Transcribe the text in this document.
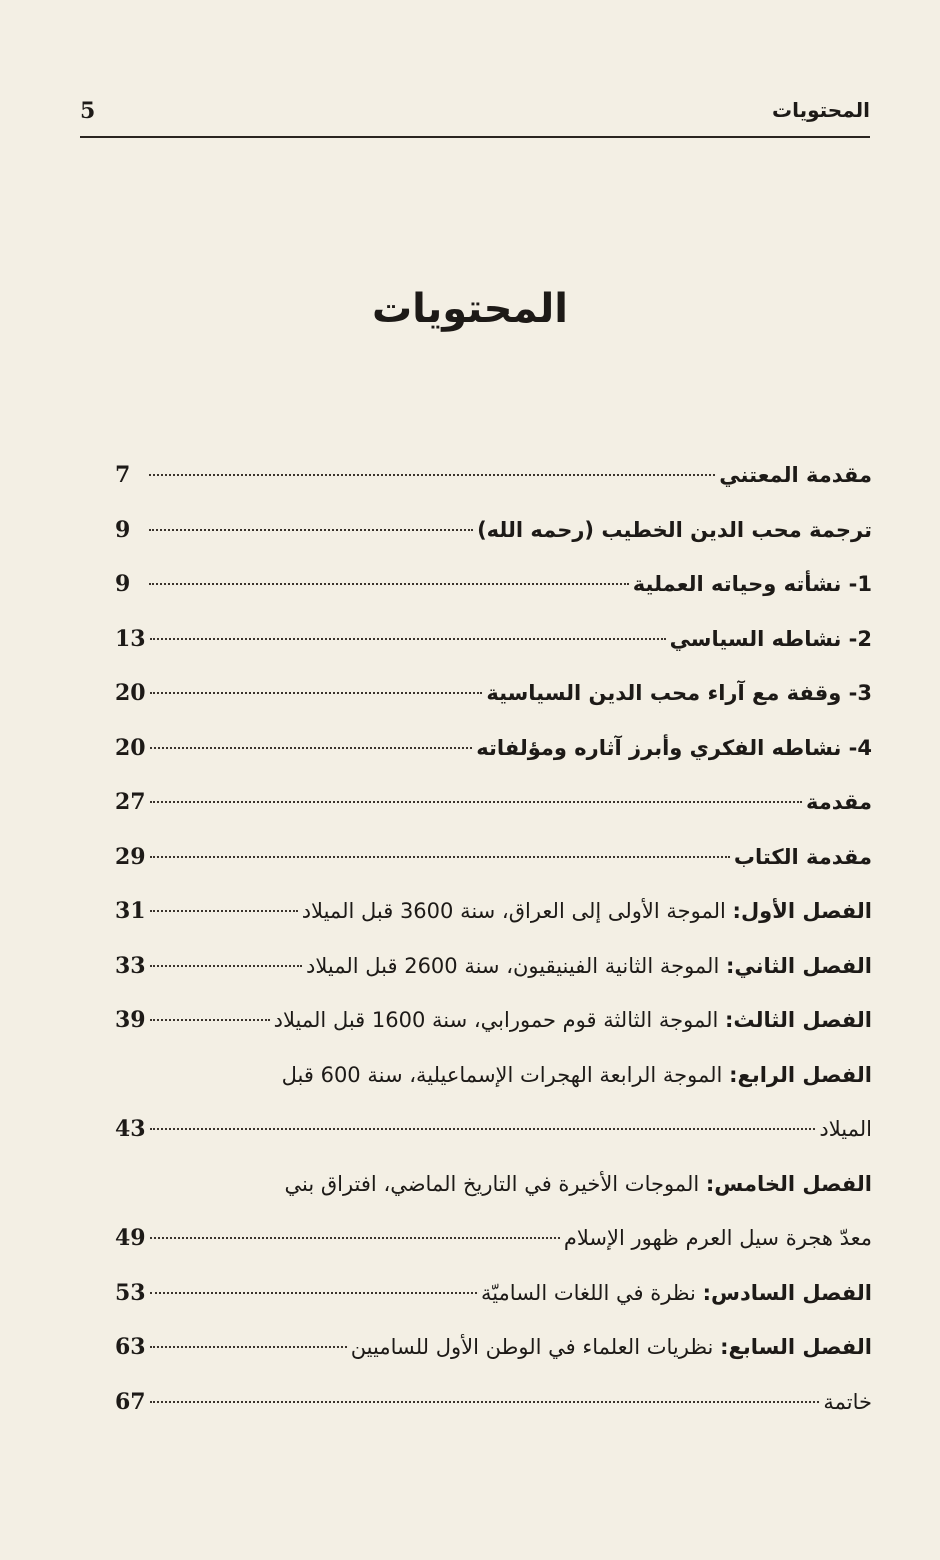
المحتويات
5
المحتويات
مقدمة المعتني
7
ترجمة محب الدين الخطيب (رحمه الله)
9
1- نشأته وحياته العملية
9
2- نشاطه السياسي
13
3- وقفة مع آراء محب الدين السياسية
20
4- نشاطه الفكري وأبرز آثاره ومؤلفاته
20
مقدمة
27
مقدمة الكتاب
29
الفصل الأول: الموجة الأولى إلى العراق، سنة 3600 قبل الميلاد
31
الفصل الثاني: الموجة الثانية الفينيقيون، سنة 2600 قبل الميلاد
33
الفصل الثالث: الموجة الثالثة قوم حمورابي، سنة 1600 قبل الميلاد
39
الفصل الرابع: الموجة الرابعة الهجرات الإسماعيلية، سنة 600 قبل
الميلاد
43
الفصل الخامس: الموجات الأخيرة في التاريخ الماضي، افتراق بني
معدّ هجرة سيل العرم ظهور الإسلام
49
الفصل السادس: نظرة في اللغات الساميّة
53
الفصل السابع: نظريات العلماء في الوطن الأول للساميين
63
خاتمة
67
